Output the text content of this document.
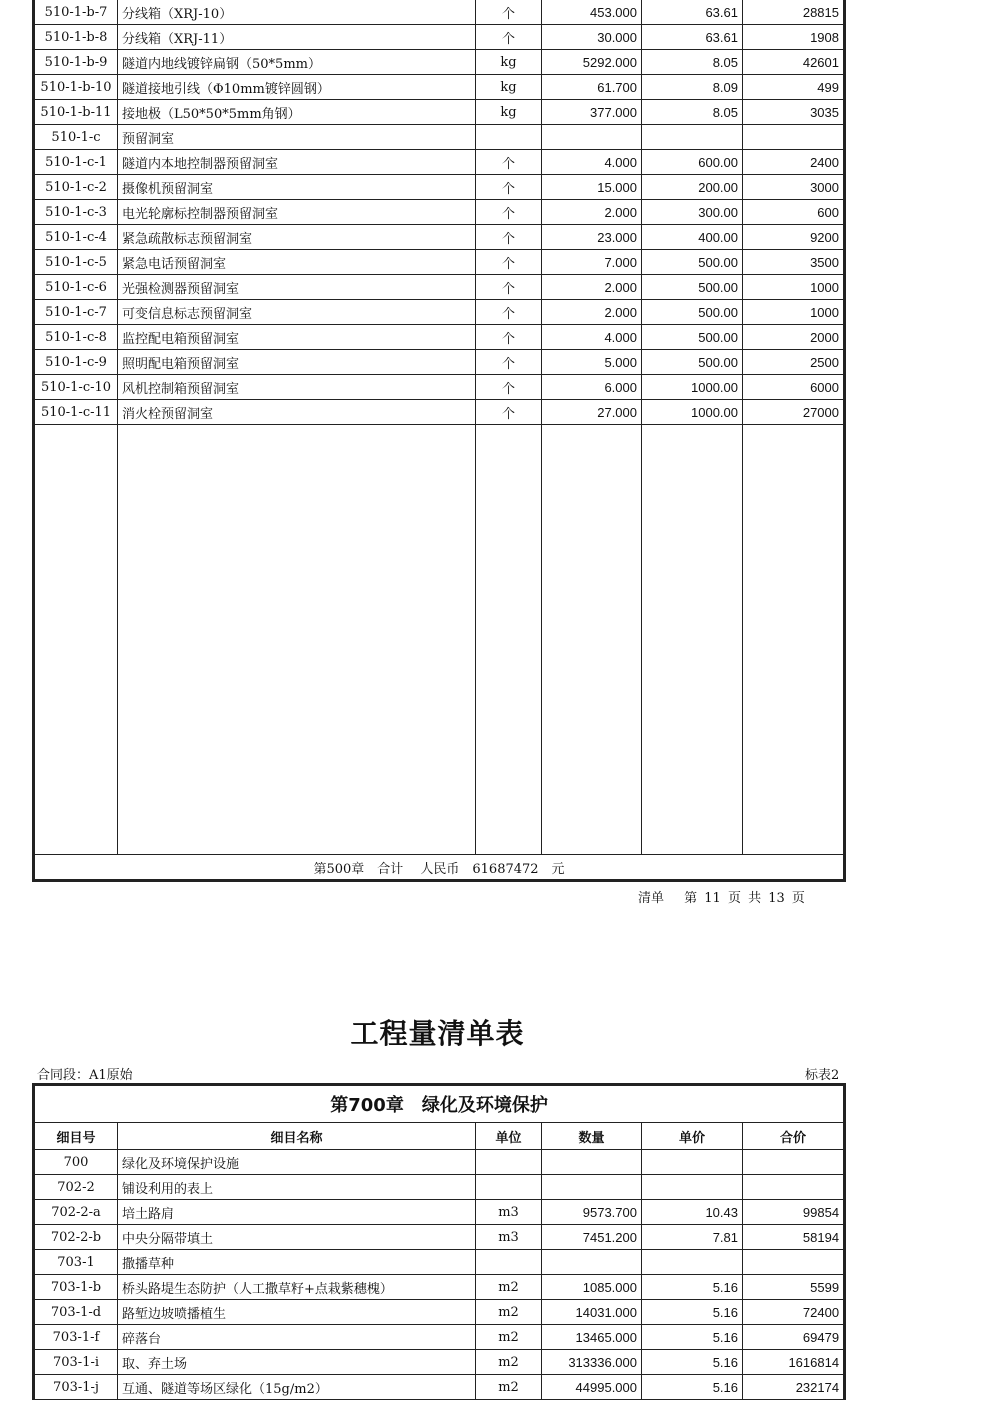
510-1-b-7	分线箱（XRJ-10）	个	453.000	63.61	28815
510-1-b-8	分线箱（XRJ-11）	个	30.000	63.61	1908
510-1-b-9	隧道内地线镀锌扁钢（50*5mm）	kg	5292.000	8.05	42601
510-1-b-10	隧道接地引线（Φ10mm镀锌圆钢）	kg	61.700	8.09	499
510-1-b-11	接地极（L50*50*5mm角钢）	kg	377.000	8.05	3035
510-1-c	预留洞室				
510-1-c-1	隧道内本地控制器预留洞室	个	4.000	600.00	2400
510-1-c-2	摄像机预留洞室	个	15.000	200.00	3000
510-1-c-3	电光轮廓标控制器预留洞室	个	2.000	300.00	600
510-1-c-4	紧急疏散标志预留洞室	个	23.000	400.00	9200
510-1-c-5	紧急电话预留洞室	个	7.000	500.00	3500
510-1-c-6	光强检测器预留洞室	个	2.000	500.00	1000
510-1-c-7	可变信息标志预留洞室	个	2.000	500.00	1000
510-1-c-8	监控配电箱预留洞室	个	4.000	500.00	2000
510-1-c-9	照明配电箱预留洞室	个	5.000	500.00	2500
510-1-c-10	风机控制箱预留洞室	个	6.000	1000.00	6000
510-1-c-11	消火栓预留洞室	个	27.000	1000.00	27000

第500章　合计　 人民币　61687472　元					
清单　 第 11 页 共 13 页
工程量清单表
合同段：A1原始	标表2
第700章　绿化及环境保护					
细目号	细目名称	单位	数量	单价	合价
700	绿化及环境保护设施				
702-2	铺设利用的表上				
702-2-a	培土路肩	m3	9573.700	10.43	99854
702-2-b	中央分隔带填土	m3	7451.200	7.81	58194
703-1	撒播草种				
703-1-b	桥头路堤生态防护（人工撒草籽+点栽紫穗槐）	m2	1085.000	5.16	5599
703-1-d	路堑边坡喷播植生	m2	14031.000	5.16	72400
703-1-f	碎落台	m2	13465.000	5.16	69479
703-1-i	取、弃土场	m2	313336.000	5.16	1616814
703-1-j	互通、隧道等场区绿化（15g/m2）	m2	44995.000	5.16	232174
